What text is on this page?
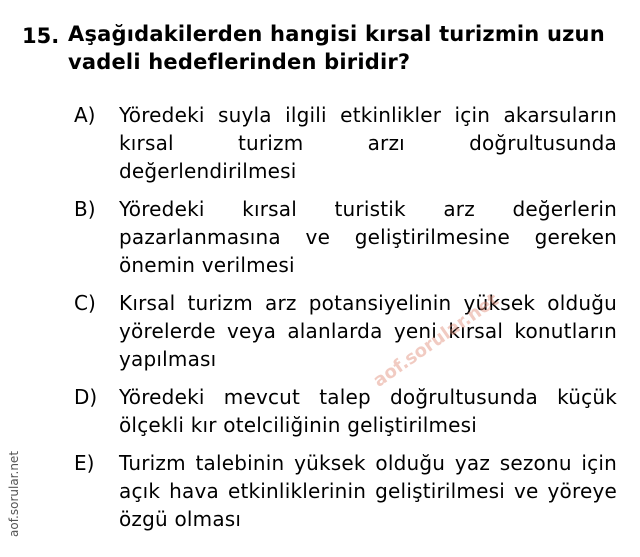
15. Aşağıdakilerden hangisi kırsal turizmin uzun vadeli hedeflerinden biridir?
A) Yöredeki suyla ilgili etkinlikler için akarsuların kırsal turizm arzı doğrultusunda değerlendirilmesi
B) Yöredeki kırsal turistik arz değerlerin pazarlanmasına ve geliştirilmesine gereken önemin verilmesi
C) Kırsal turizm arz potansiyelinin yüksek olduğu yörelerde veya alanlarda yeni kırsal konutların yapılması
D) Yöredeki mevcut talep doğrultusunda küçük ölçekli kır otelciliğinin geliştirilmesi
E) Turizm talebinin yüksek olduğu yaz sezonu için açık hava etkinliklerinin geliştirilmesi ve yöreye özgü olması
aof.sorular.net
aof.sorular.net
